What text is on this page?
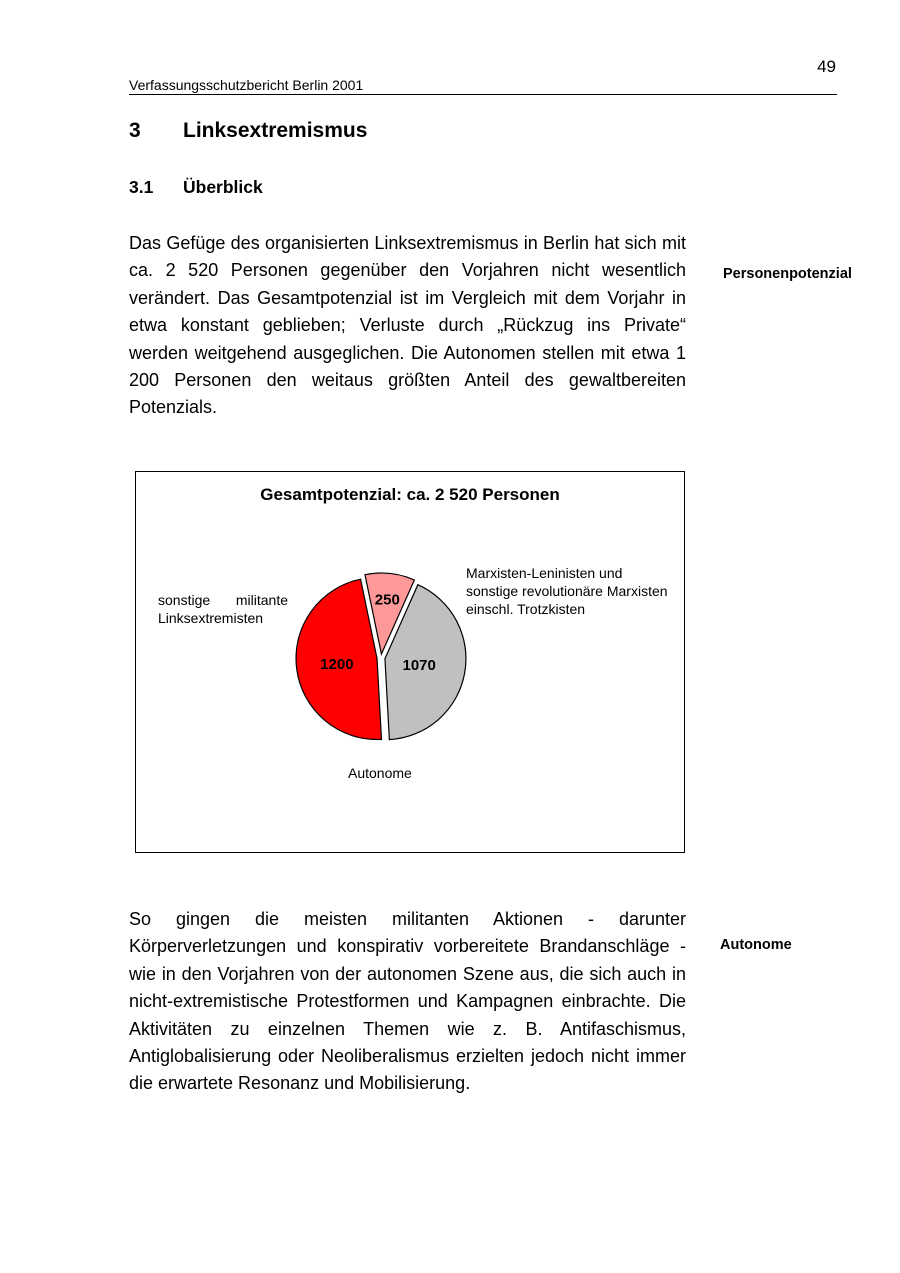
49
Verfassungsschutzbericht Berlin 2001
3 Linksextremismus
3.1 Überblick

Das Gefüge des organisierten Linksextremismus in Berlin hat sich mit ca. 2 520 Personen gegenüber den Vorjahren nicht wesentlich verändert. Das Gesamtpotenzial ist im Vergleich mit dem Vorjahr in etwa konstant geblieben; Verluste durch „Rückzug ins Private“ werden weitgehend ausgeglichen. Die Autonomen stellen mit etwa 1 200 Personen den weitaus größten Anteil des gewaltbereiten Potenzials.

Personenpotenzial
1070
1200
250
Gesamtpotenzial: ca. 2 520 Personen
sonstige militante Linksextremisten
Marxisten-Leninisten und sonstige revolutionäre Marxisten einschl. Trotzkisten
Autonome

So gingen die meisten militanten Aktionen - darunter Körperverletzungen und konspirativ vorbereitete Brandanschläge - wie in den Vorjahren von der autonomen Szene aus, die sich auch in nicht-extremistische Protestformen und Kampagnen einbrachte. Die Aktivitäten zu einzelnen Themen wie z. B. Antifaschismus, Antiglobalisierung oder Neoliberalismus erzielten jedoch nicht immer die erwartete Resonanz und Mobilisierung.

Autonome
